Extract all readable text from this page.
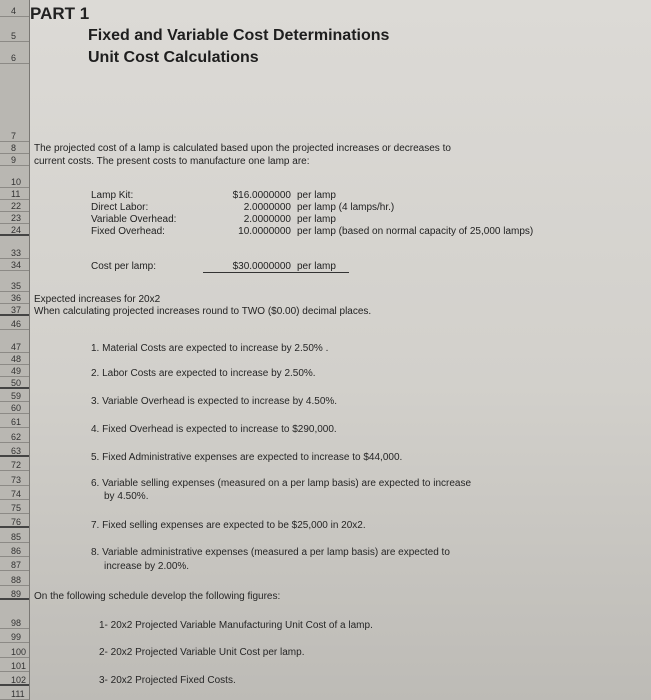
4
5
6
7
8
9
10
11
22
23
24
33
34
35
36
37
46
47
48
49
50
59
60
61
62
63
72
73
74
75
76
85
86
87
88
89
98
99
100
101
102
111
PART 1
Fixed and Variable Cost Determinations
Unit Cost Calculations
The projected cost of a lamp is calculated based upon the projected increases or decreases to
current costs. The present costs to manufacture one lamp are:
Lamp Kit:	$16.0000000 per lamp
Direct Labor:	2.0000000 per lamp (4 lamps/hr.)
Variable Overhead:	2.0000000 per lamp
Fixed Overhead:	10.0000000 per lamp (based on normal capacity of 25,000 lamps)
Cost per lamp:	$30.0000000 per lamp
Expected increases for 20x2
When calculating projected increases round to TWO ($0.00) decimal places.
1. Material Costs are expected to increase by 2.50% .
2. Labor Costs are expected to increase by 2.50%.
3. Variable Overhead is expected to increase by 4.50%.
4. Fixed Overhead is expected to increase to $290,000.
5. Fixed Administrative expenses are expected to increase to $44,000.
6. Variable selling expenses (measured on a per lamp basis) are expected to increase
by 4.50%.
7. Fixed selling expenses are expected to be $25,000 in 20x2.
8. Variable administrative expenses (measured a per lamp basis) are expected to
increase by 2.00%.
On the following schedule develop the following figures:
1- 20x2 Projected Variable Manufacturing Unit Cost of a lamp.
2- 20x2 Projected Variable Unit Cost per lamp.
3- 20x2 Projected Fixed Costs.
